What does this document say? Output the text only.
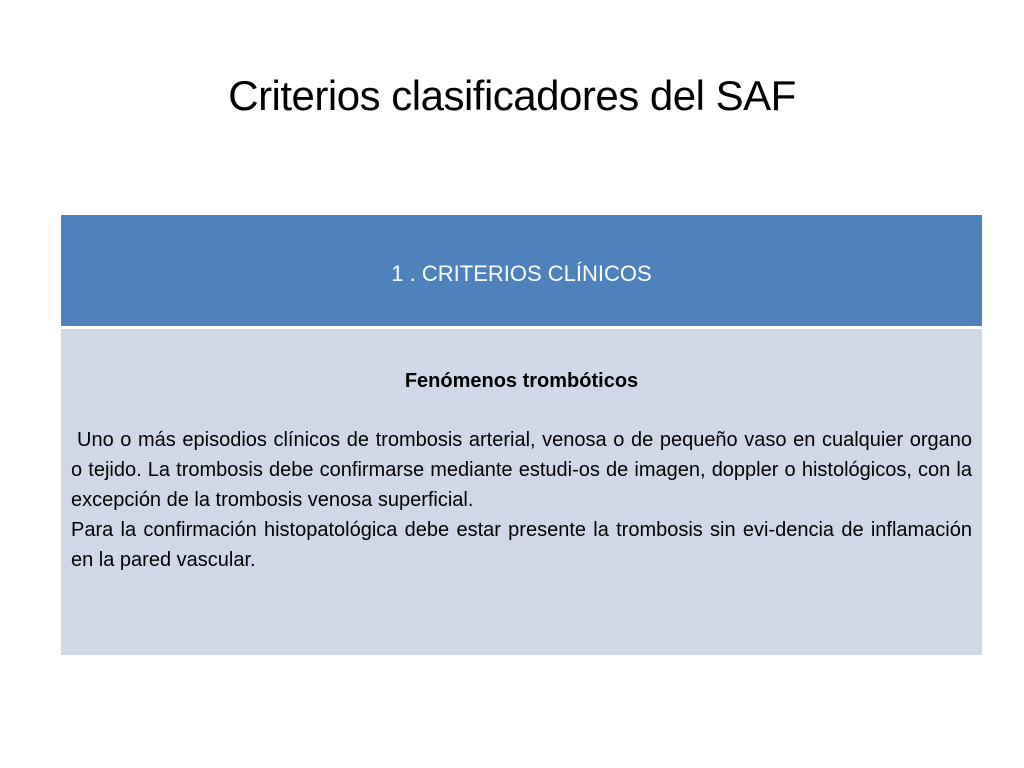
Criterios clasificadores del SAF
1 . CRITERIOS CLÍNICOS

Fenómenos trombóticos

Uno o más episodios clínicos de trombosis arterial, venosa o de pequeño vaso en cualquier organo o tejido. La trombosis debe confirmarse mediante estudi-os de imagen, doppler o histológicos, con la excepción de la trombosis venosa superficial.

Para la confirmación histopatológica debe estar presente la trombosis sin evi-dencia de inflamación en la pared vascular.
